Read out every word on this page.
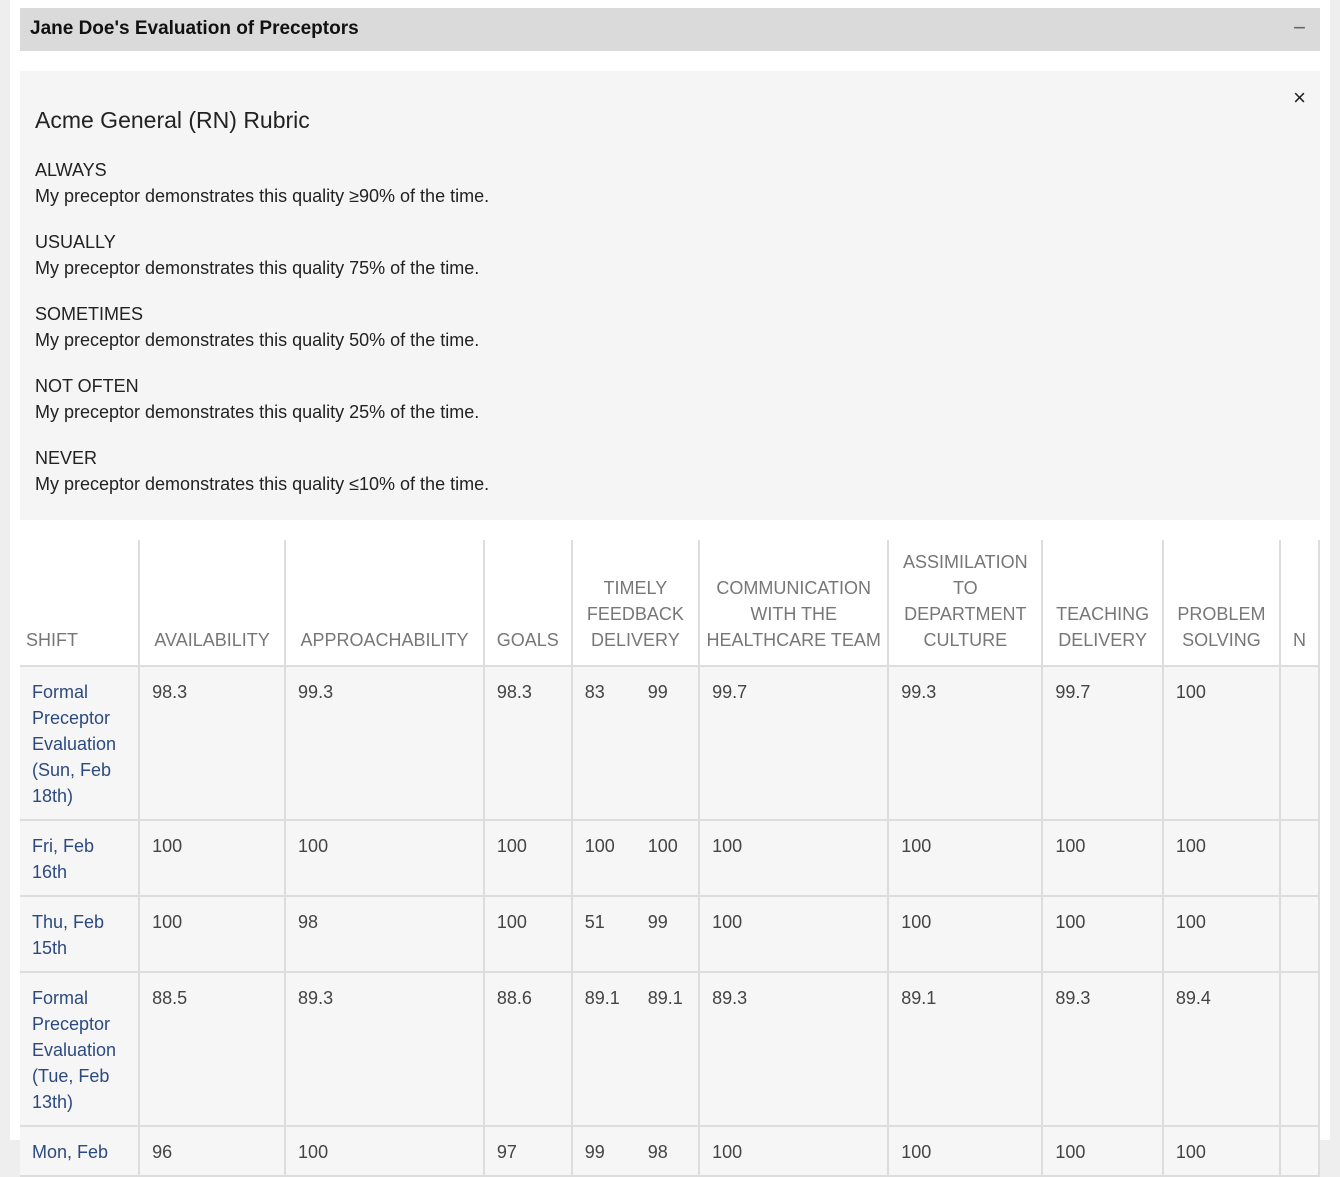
Jane Doe's Evaluation of Preceptors	−
×
Acme General (RN) Rubric
ALWAYS
My preceptor demonstrates this quality ≥90% of the time.
USUALLY
My preceptor demonstrates this quality 75% of the time.
SOMETIMES
My preceptor demonstrates this quality 50% of the time.
NOT OFTEN
My preceptor demonstrates this quality 25% of the time.
NEVER
My preceptor demonstrates this quality ≤10% of the time.
SHIFT	AVAILABILITY	APPROACHABILITY	GOALS	TIMELY FEEDBACK DELIVERY	COMMUNICATION WITH THE HEALTHCARE TEAM	ASSIMILATION TO DEPARTMENT CULTURE	TEACHING DELIVERY	PROBLEM SOLVING	N
Formal Preceptor Evaluation (Sun, Feb 18th)	98.3	99.3	98.3	83 99	99.7	99.3	99.7	100	
Fri, Feb 16th	100	100	100	100 100	100	100	100	100	
Thu, Feb 15th	100	98	100	51 99	100	100	100	100	
Formal Preceptor Evaluation (Tue, Feb 13th)	88.5	89.3	88.6	89.1 89.1	89.3	89.1	89.3	89.4	
Mon, Feb	96	100	97	99 98	100	100	100	100	
